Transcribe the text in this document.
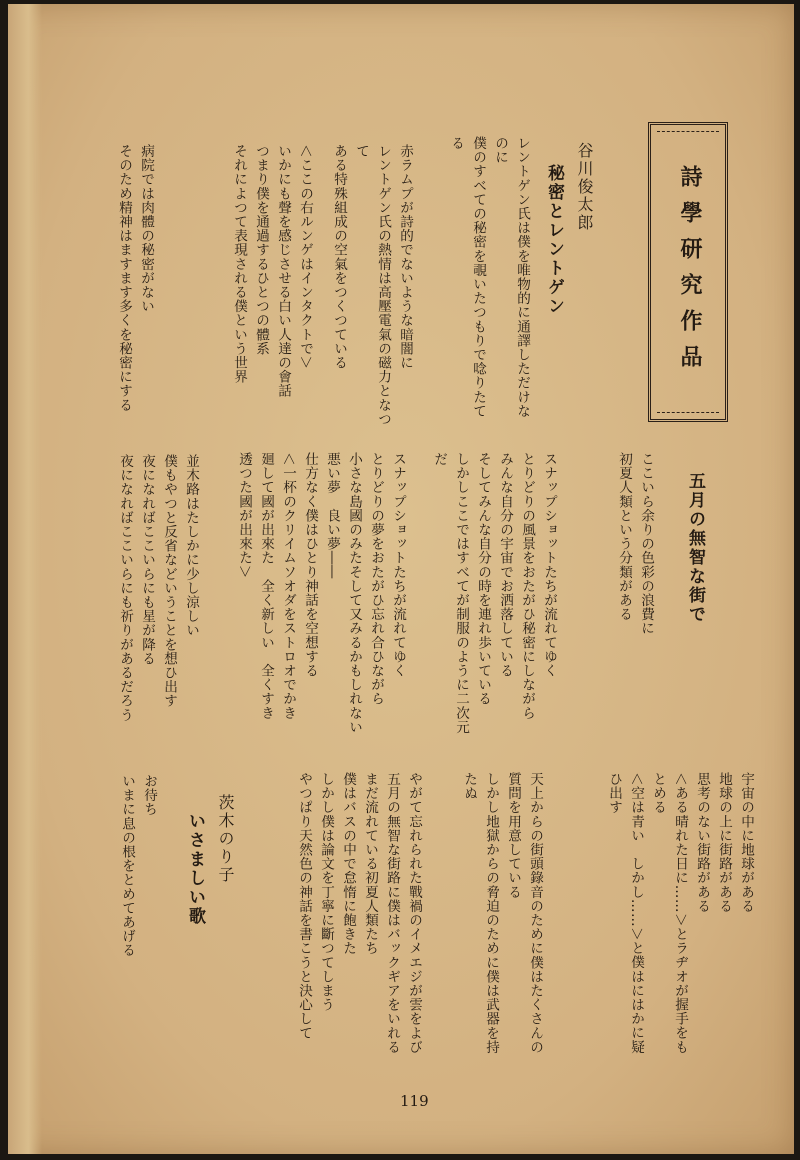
詩學研究作品
谷川俊太郎
秘密とレントゲン
レントゲン氏は僕を唯物的に通譯しただけな
のに
僕のすべての秘密を覗いたつもりで唸りたて
る
赤ラムプが詩的でないような暗闇に
レントゲン氏の熱情は高壓電氣の磁力となつ
て
ある特殊組成の空氣をつくつている
＜ここの右ルンゲはインタクトで＞
いかにも聲を感じさせる白い人達の會話
つまり僕を通過するひとつの體系
それによつて表現される僕という世界
病院では肉體の秘密がない
そのため精神はますます多くを秘密にする
五月の無智な街で
ここいら余りの色彩の浪費に
初夏人類という分類がある
スナップショットたちが流れてゆく
とりどりの風景をおたがひ秘密にしながら
みんな自分の宇宙でお洒落している
そしてみんな自分の時を連れ歩いている
しかしここではすべてが制服のように二次元
だ
スナップショットたちが流れてゆく
とりどりの夢をおたがひ忘れ合ひながら
小さな島國のみたそして又みるかもしれない
悪い夢　良い夢――
仕方なく僕はひとり神話を空想する
＜一杯のクリイムソオダをストロオでかき
廻して國が出來た　全く新しい　全くすき
透つた國が出來た＞
並木路はたしかに少し涼しい
僕もやつと反省などいうことを想ひ出す
夜になればここいらにも星が降る
夜になればここいらにも祈りがあるだろう
宇宙の中に地球がある
地球の上に街路がある
思考のない街路がある
＜ある晴れた日に……＞とラヂオが握手をも
とめる
＜空は青い　しかし……＞と僕はにはかに疑
ひ出す
天上からの街頭錄音のために僕はたくさんの
質問を用意している
しかし地獄からの脅迫のために僕は武器を持
たぬ
やがて忘れられた戰禍のイメエジが雲をよび
五月の無智な街路に僕はバックギアをいれる
まだ流れている初夏人類たち
僕はバスの中で怠惰に飽きた
しかし僕は論文を丁寧に斷つてしまう
やつぱり天然色の神話を書こうと決心して
茨木のり子
いさましい歌
お待ち
いまに息の根をとめてあげる
119
